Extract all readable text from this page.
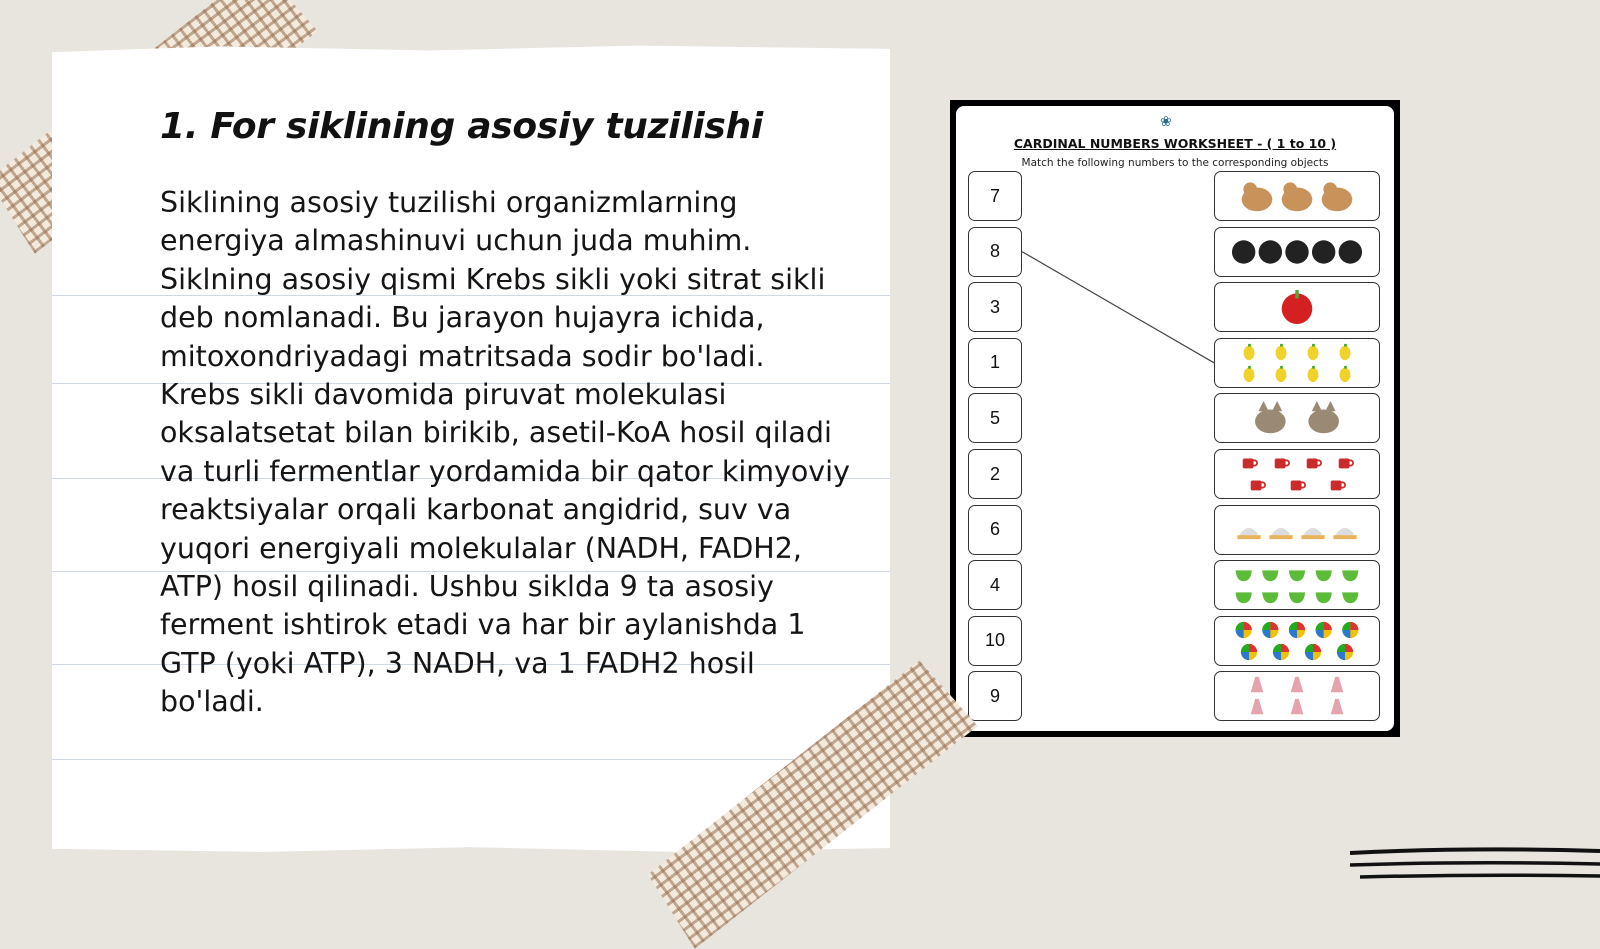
1. For siklining asosiy tuzilishi

Siklining asosiy tuzilishi organizmlarning energiya almashinuvi uchun juda muhim. Siklning asosiy qismi Krebs sikli yoki sitrat sikli deb nomlanadi. Bu jarayon hujayra ichida, mitoxondriyadagi matritsada sodir bo'ladi. Krebs sikli davomida piruvat molekulasi oksalatsetat bilan birikib, asetil-KoA hosil qiladi va turli fermentlar yordamida bir qator kimyoviy reaktsiyalar orqali karbonat angidrid, suv va yuqori energiyali molekulalar (NADH, FADH2, ATP) hosil qilinadi. Ushbu siklda 9 ta asosiy ferment ishtirok etadi va har bir aylanishda 1 GTP (yoki ATP), 3 NADH, va 1 FADH2 hosil bo'ladi.

❀
CARDINAL NUMBERS WORKSHEET - ( 1 to 10 )
Match the following numbers to the corresponding objects
7
8
3
1
5
2
6
4
10
9
